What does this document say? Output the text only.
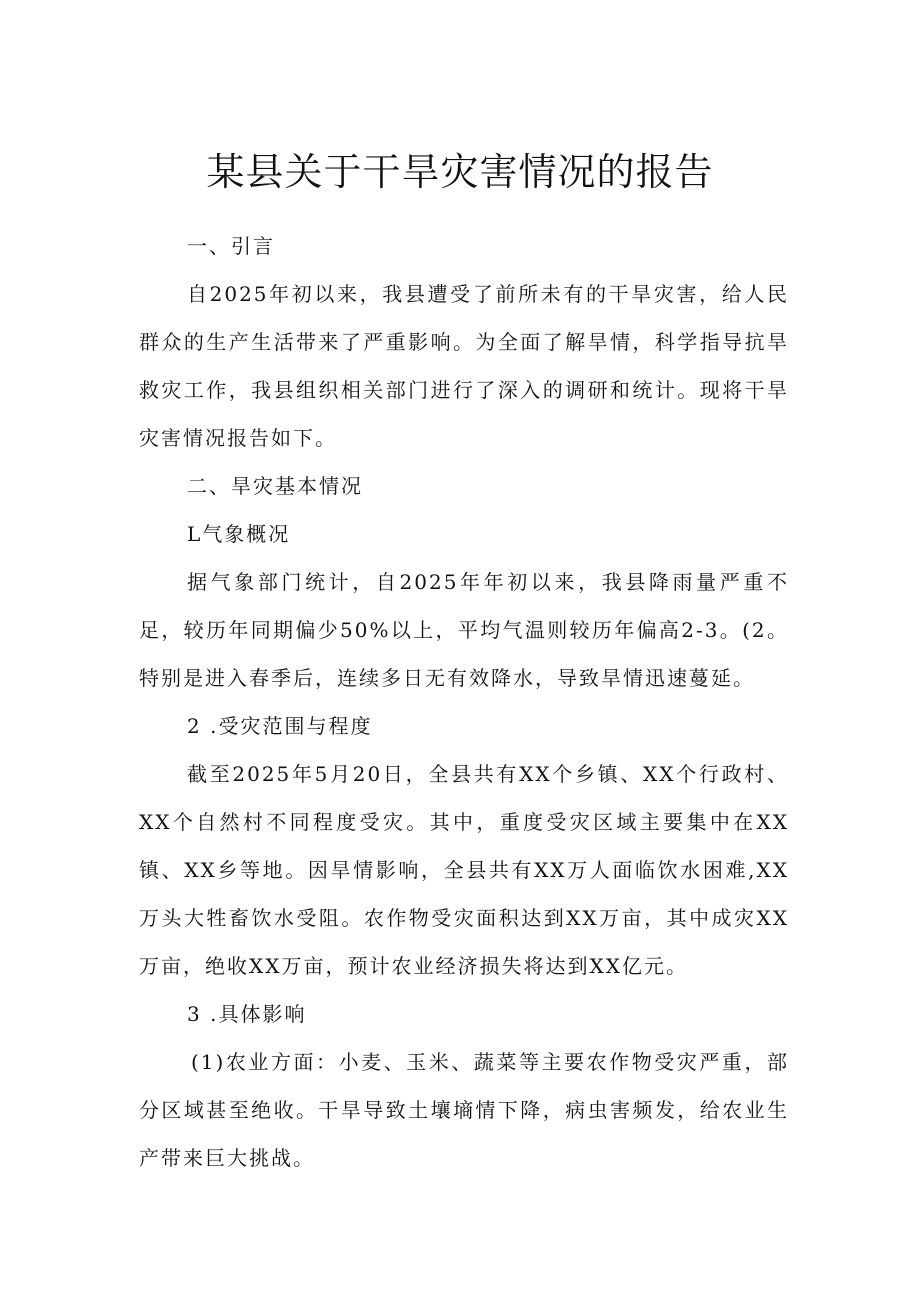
某县关于干旱灾害情况的报告

一、引言

自2025年初以来，我县遭受了前所未有的干旱灾害，给人民群众的生产生活带来了严重影响。为全面了解旱情，科学指导抗旱救灾工作，我县组织相关部门进行了深入的调研和统计。现将干旱灾害情况报告如下。

二、旱灾基本情况

L气象概况

据气象部门统计，自2025年年初以来，我县降雨量严重不足，较历年同期偏少50%以上，平均气温则较历年偏高2-3。(2。特别是进入春季后，连续多日无有效降水，导致旱情迅速蔓延。

2 .受灾范围与程度

截至2025年5月20日，全县共有XX个乡镇、XX个行政村、XX个自然村不同程度受灾。其中，重度受灾区域主要集中在XX镇、XX乡等地。因旱情影响，全县共有XX万人面临饮水困难,XX万头大牲畜饮水受阻。农作物受灾面积达到XX万亩，其中成灾XX万亩，绝收XX万亩，预计农业经济损失将达到XX亿元。

3 .具体影响

(1)农业方面：小麦、玉米、蔬菜等主要农作物受灾严重，部分区域甚至绝收。干旱导致土壤墒情下降，病虫害频发，给农业生产带来巨大挑战。
